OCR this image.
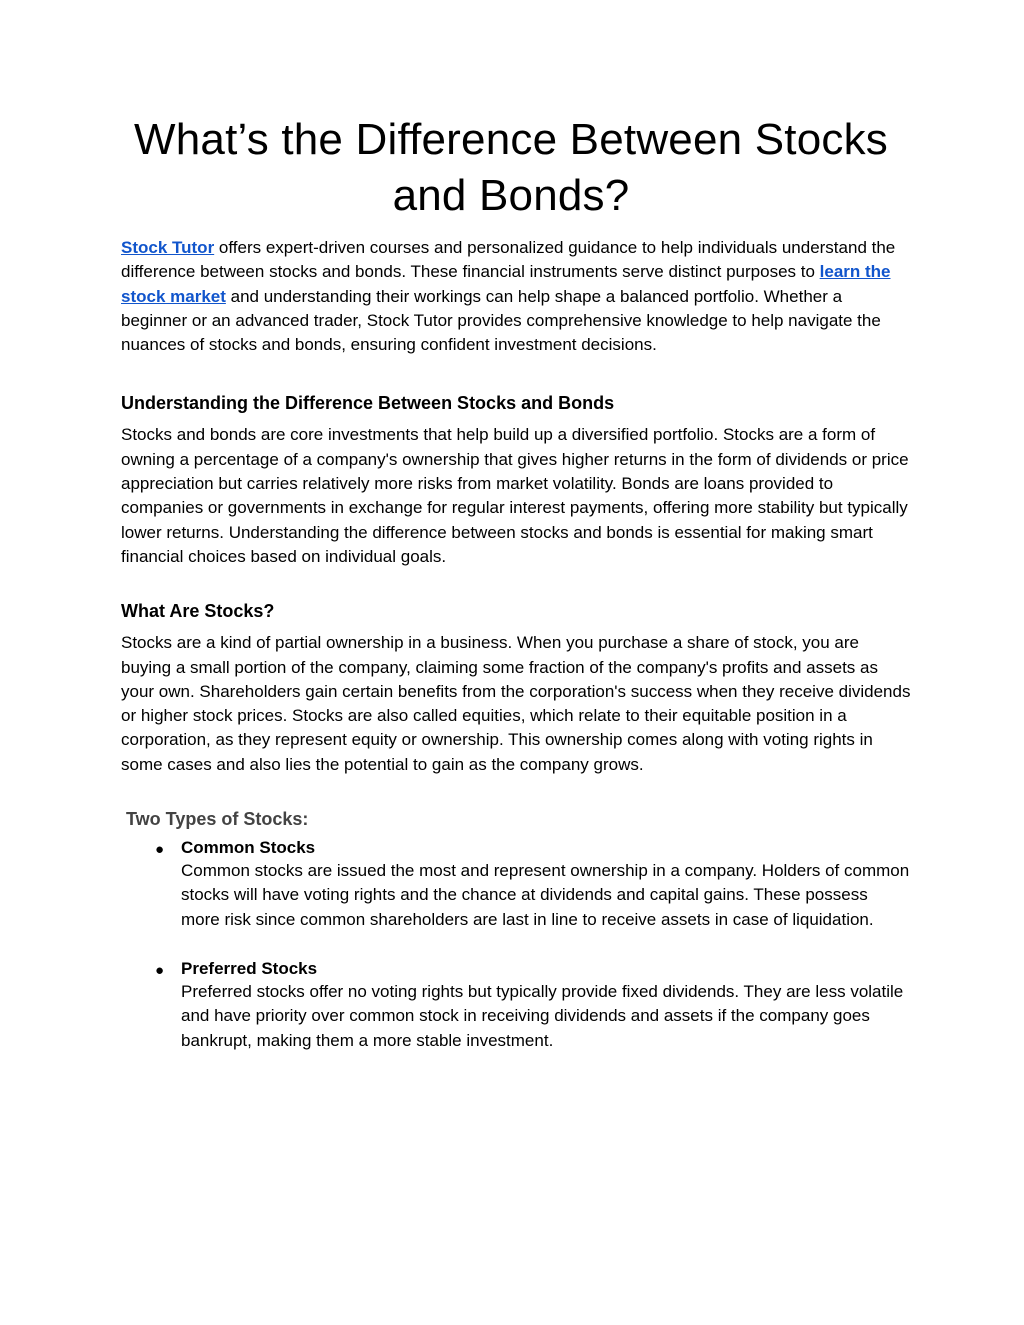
What’s the Difference Between Stocks and Bonds?

Stock Tutor offers expert-driven courses and personalized guidance to help individuals understand the difference between stocks and bonds. These financial instruments serve distinct purposes to learn the stock market and understanding their workings can help shape a balanced portfolio. Whether a beginner or an advanced trader, Stock Tutor provides comprehensive knowledge to help navigate the nuances of stocks and bonds, ensuring confident investment decisions.

Understanding the Difference Between Stocks and Bonds

Stocks and bonds are core investments that help build up a diversified portfolio. Stocks are a form of owning a percentage of a company's ownership that gives higher returns in the form of dividends or price appreciation but carries relatively more risks from market volatility. Bonds are loans provided to companies or governments in exchange for regular interest payments, offering more stability but typically lower returns. Understanding the difference between stocks and bonds is essential for making smart financial choices based on individual goals.

What Are Stocks?

Stocks are a kind of partial ownership in a business. When you purchase a share of stock, you are buying a small portion of the company, claiming some fraction of the company's profits and assets as your own. Shareholders gain certain benefits from the corporation's success when they receive dividends or higher stock prices. Stocks are also called equities, which relate to their equitable position in a corporation, as they represent equity or ownership. This ownership comes along with voting rights in some cases and also lies the potential to gain as the company grows.

Two Types of Stocks:
● Common Stocks
Common stocks are issued the most and represent ownership in a company. Holders of common stocks will have voting rights and the chance at dividends and capital gains. These possess more risk since common shareholders are last in line to receive assets in case of liquidation.
● Preferred Stocks
Preferred stocks offer no voting rights but typically provide fixed dividends. They are less volatile and have priority over common stock in receiving dividends and assets if the company goes bankrupt, making them a more stable investment.
